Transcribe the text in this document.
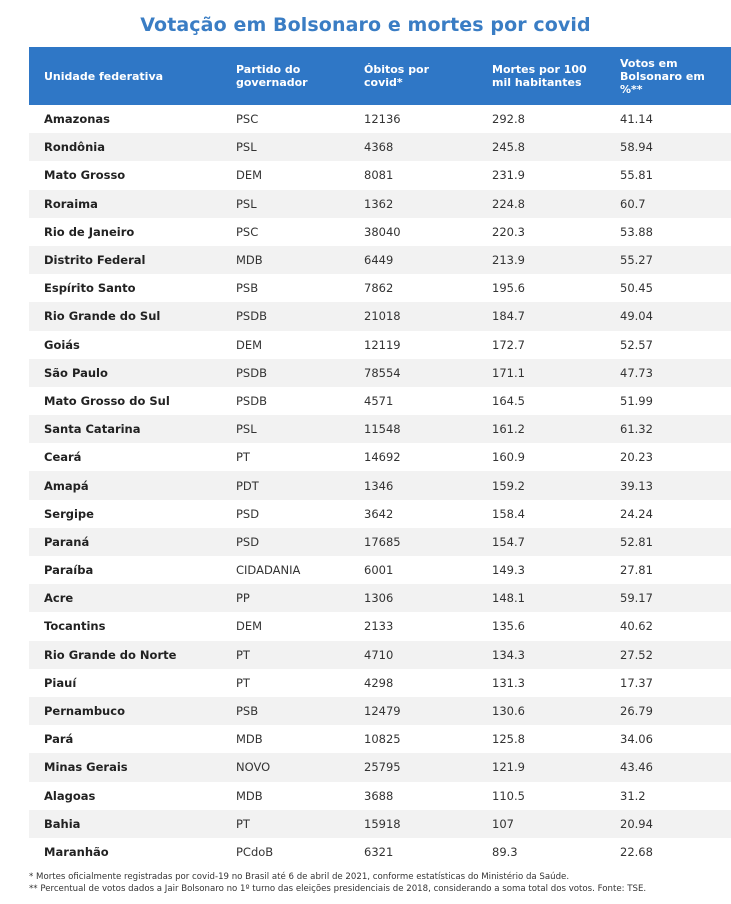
Votação em Bolsonaro e mortes por covid
Unidade federativa	Partido do governador	Óbitos por covid*	Mortes por 100 mil habitantes	Votos em Bolsonaro em %**
Amazonas	PSC	12136	292.8	41.14
Rondônia	PSL	4368	245.8	58.94
Mato Grosso	DEM	8081	231.9	55.81
Roraima	PSL	1362	224.8	60.7
Rio de Janeiro	PSC	38040	220.3	53.88
Distrito Federal	MDB	6449	213.9	55.27
Espírito Santo	PSB	7862	195.6	50.45
Rio Grande do Sul	PSDB	21018	184.7	49.04
Goiás	DEM	12119	172.7	52.57
São Paulo	PSDB	78554	171.1	47.73
Mato Grosso do Sul	PSDB	4571	164.5	51.99
Santa Catarina	PSL	11548	161.2	61.32
Ceará	PT	14692	160.9	20.23
Amapá	PDT	1346	159.2	39.13
Sergipe	PSD	3642	158.4	24.24
Paraná	PSD	17685	154.7	52.81
Paraíba	CIDADANIA	6001	149.3	27.81
Acre	PP	1306	148.1	59.17
Tocantins	DEM	2133	135.6	40.62
Rio Grande do Norte	PT	4710	134.3	27.52
Piauí	PT	4298	131.3	17.37
Pernambuco	PSB	12479	130.6	26.79
Pará	MDB	10825	125.8	34.06
Minas Gerais	NOVO	25795	121.9	43.46
Alagoas	MDB	3688	110.5	31.2
Bahia	PT	15918	107	20.94
Maranhão	PCdoB	6321	89.3	22.68
* Mortes oficialmente registradas por covid-19 no Brasil até 6 de abril de 2021, conforme estatísticas do Ministério da Saúde.
** Percentual de votos dados a Jair Bolsonaro no 1º turno das eleições presidenciais de 2018, considerando a soma total dos votos. Fonte: TSE.
